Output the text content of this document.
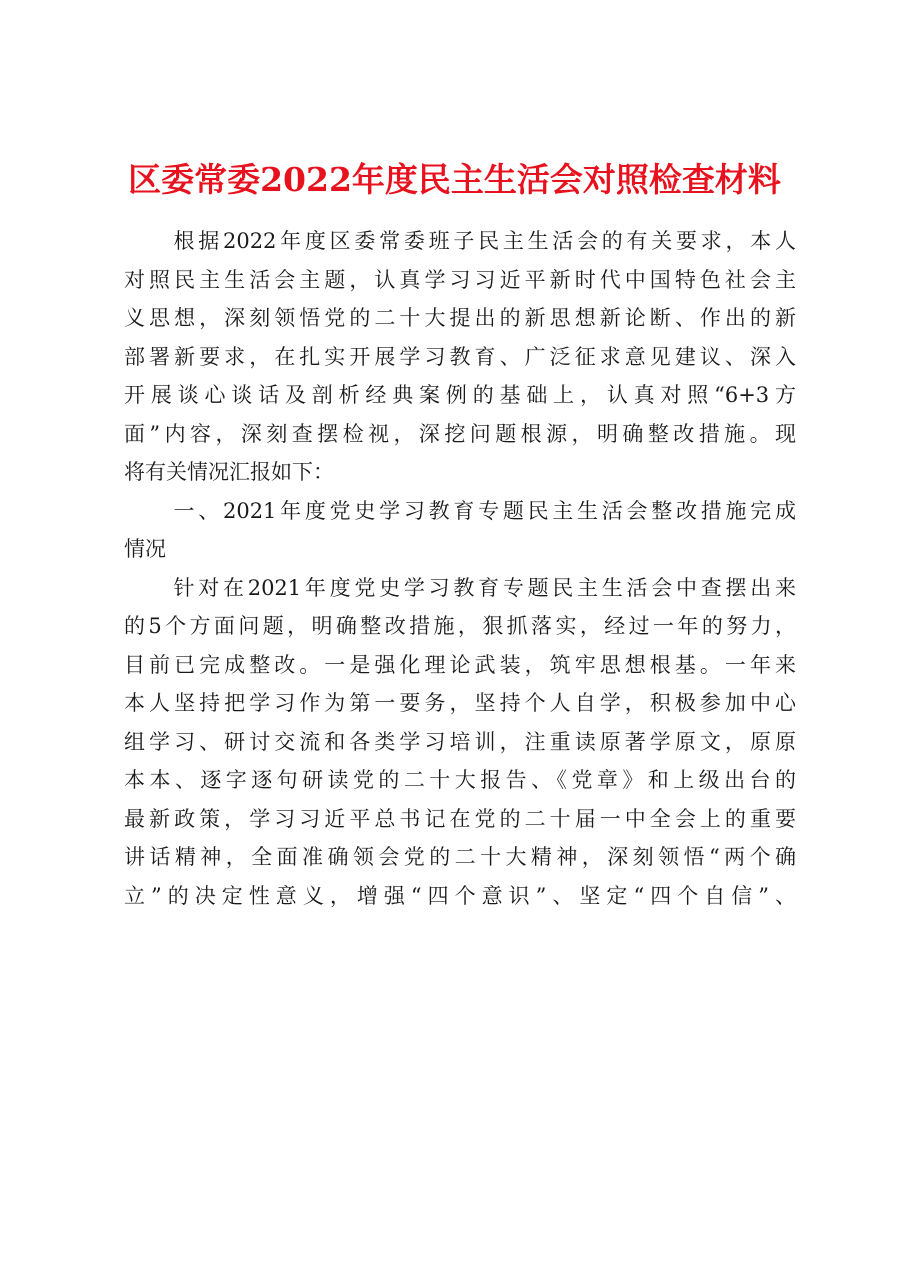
区委常委2022年度民主生活会对照检查材料
　　根据2022年度区委常委班子民主生活会的有关要求，本人
对照民主生活会主题，认真学习习近平新时代中国特色社会主
义思想，深刻领悟党的二十大提出的新思想新论断、作出的新
部署新要求，在扎实开展学习教育、广泛征求意见建议、深入
开展谈心谈话及剖析经典案例的基础上，认真对照“6+3方
面”内容，深刻查摆检视，深挖问题根源，明确整改措施。现
将有关情况汇报如下：
　　一、2021年度党史学习教育专题民主生活会整改措施完成
情况
　　针对在2021年度党史学习教育专题民主生活会中查摆出来
的5个方面问题，明确整改措施，狠抓落实，经过一年的努力，
目前已完成整改。一是强化理论武装，筑牢思想根基。一年来
本人坚持把学习作为第一要务，坚持个人自学，积极参加中心
组学习、研讨交流和各类学习培训，注重读原著学原文，原原
本本、逐字逐句研读党的二十大报告、《党章》和上级出台的
最新政策，学习习近平总书记在党的二十届一中全会上的重要
讲话精神，全面准确领会党的二十大精神，深刻领悟“两个确
立”的决定性意义，增强“四个意识”、坚定“四个自信”、
